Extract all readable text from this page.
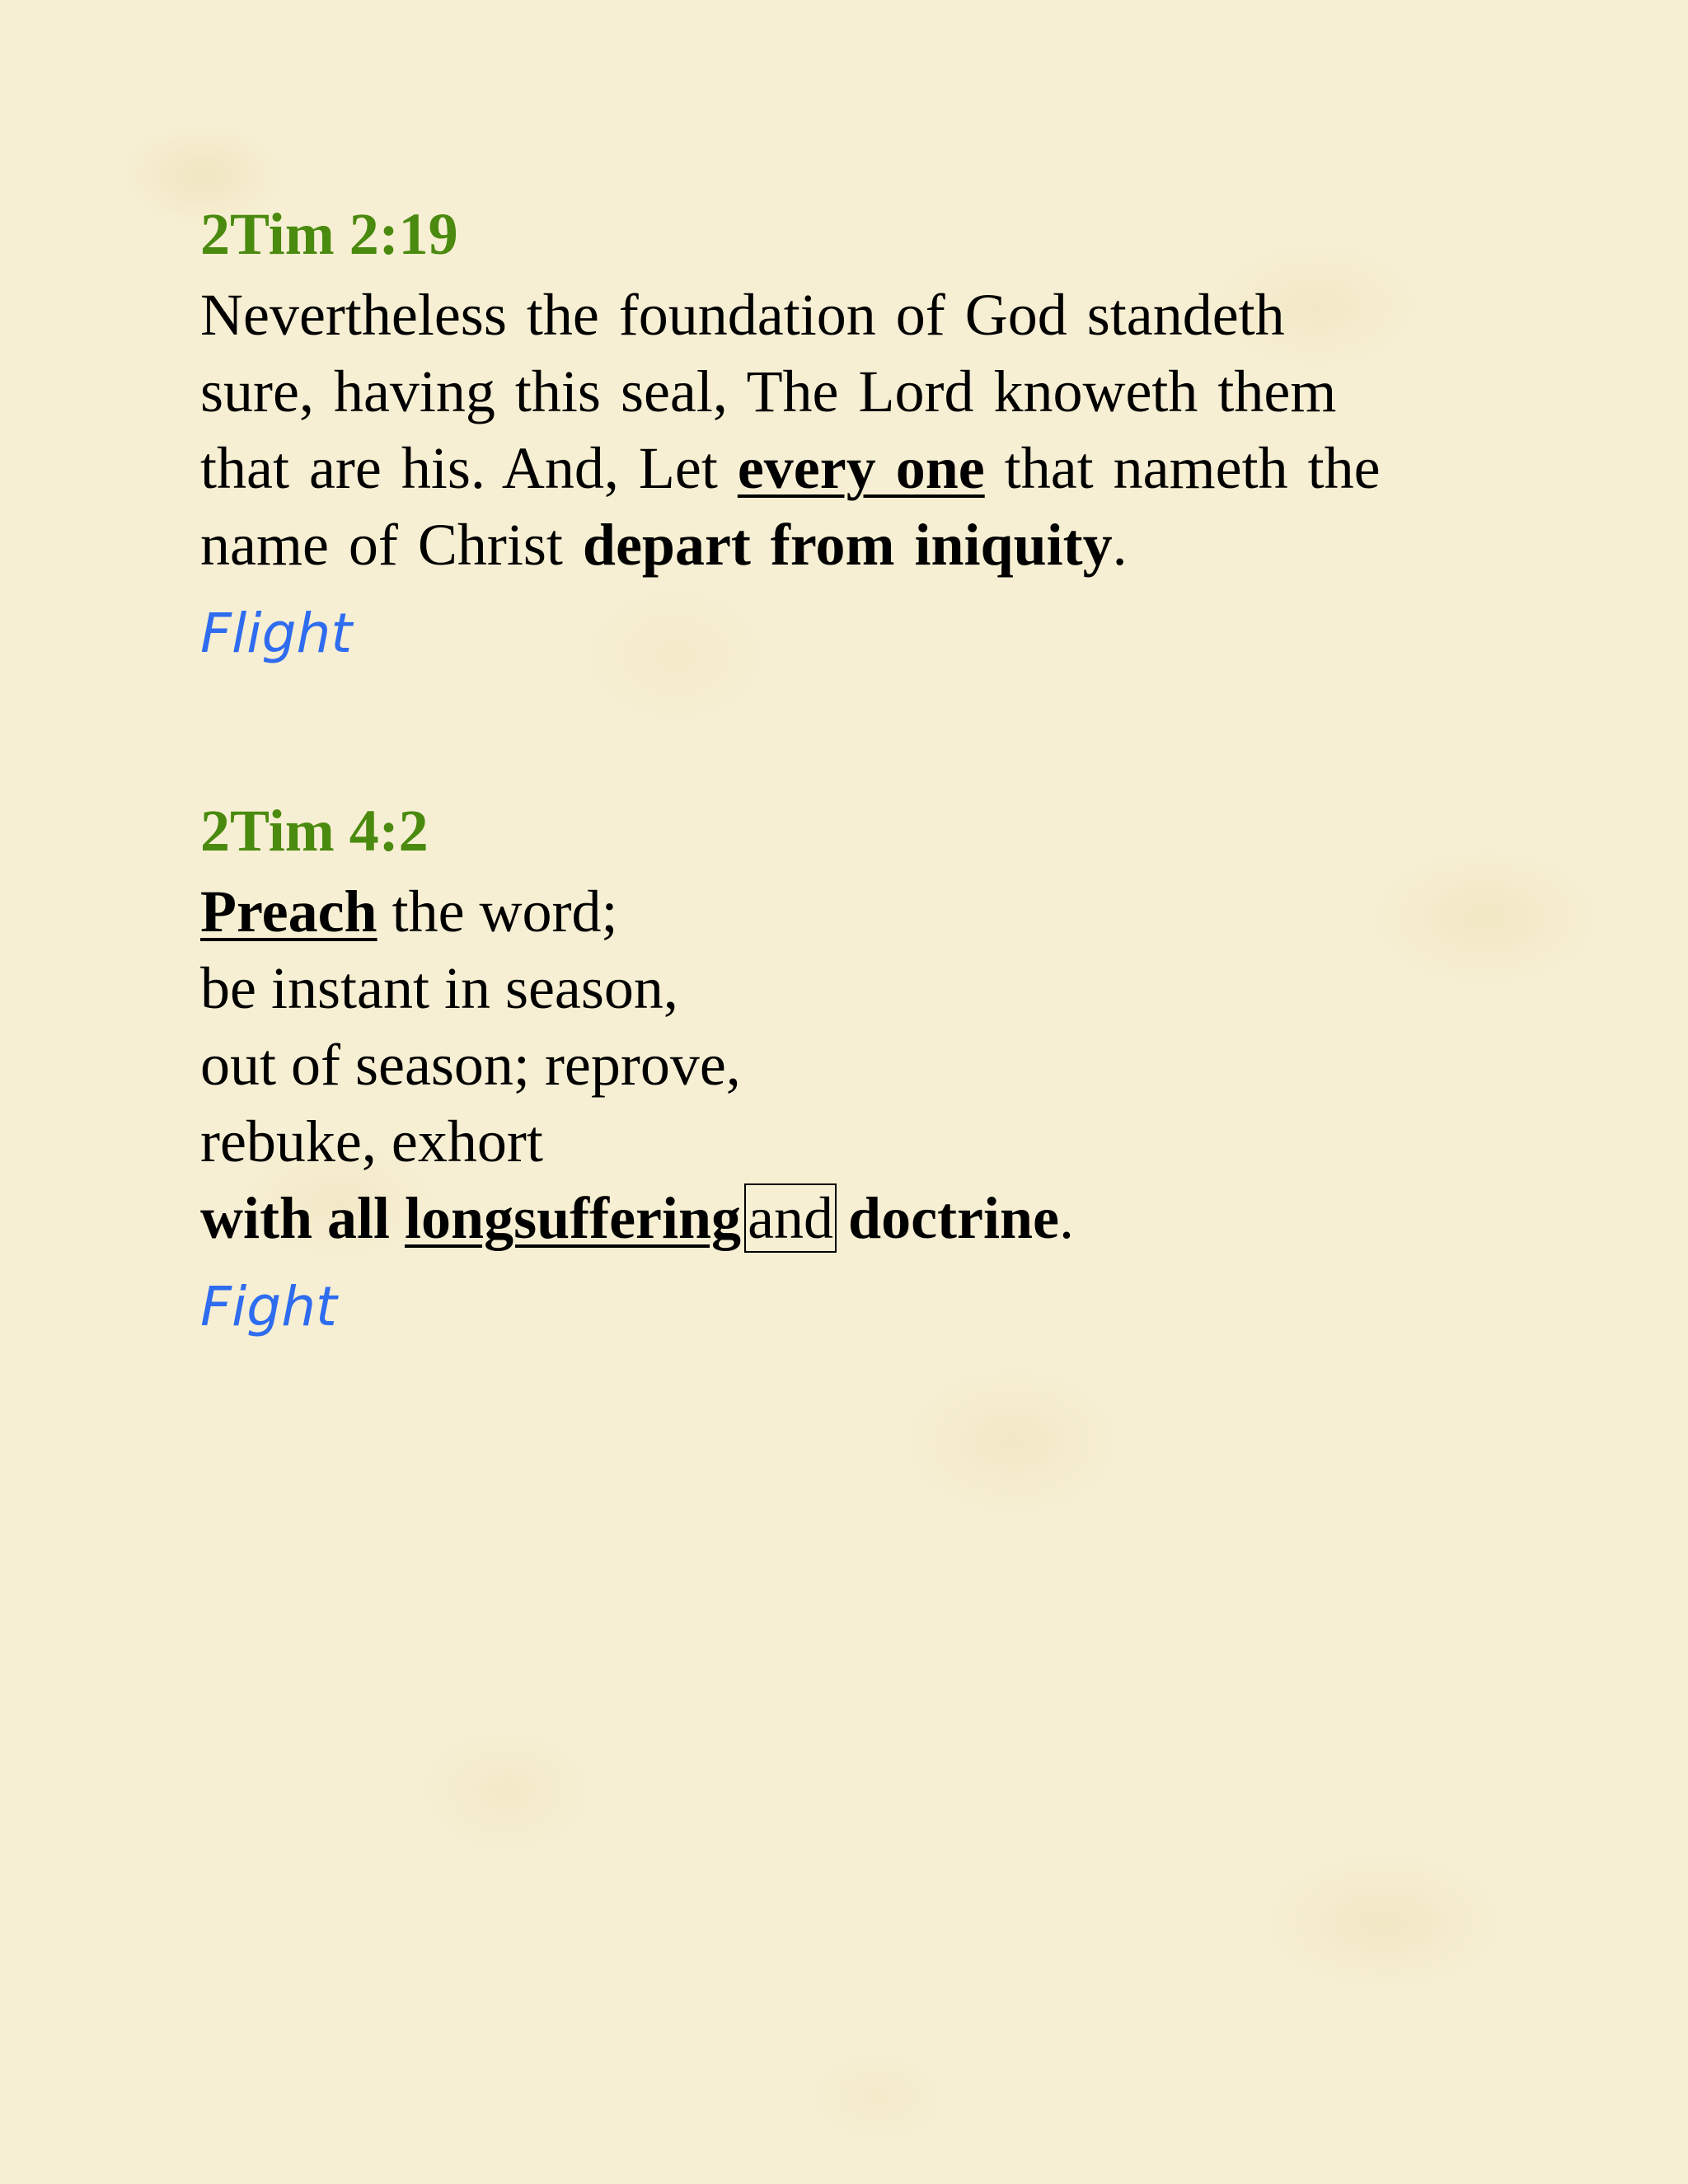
2Tim 2:19

Nevertheless the foundation of God standeth
sure, having this seal, The Lord knoweth them
that are his. And, Let every one that nameth the
name of Christ depart from iniquity.

Flight

2Tim 4:2

Preach the word;
be instant in season,
out of season; reprove,
rebuke, exhort
with all longsuffering and doctrine.

Fight
